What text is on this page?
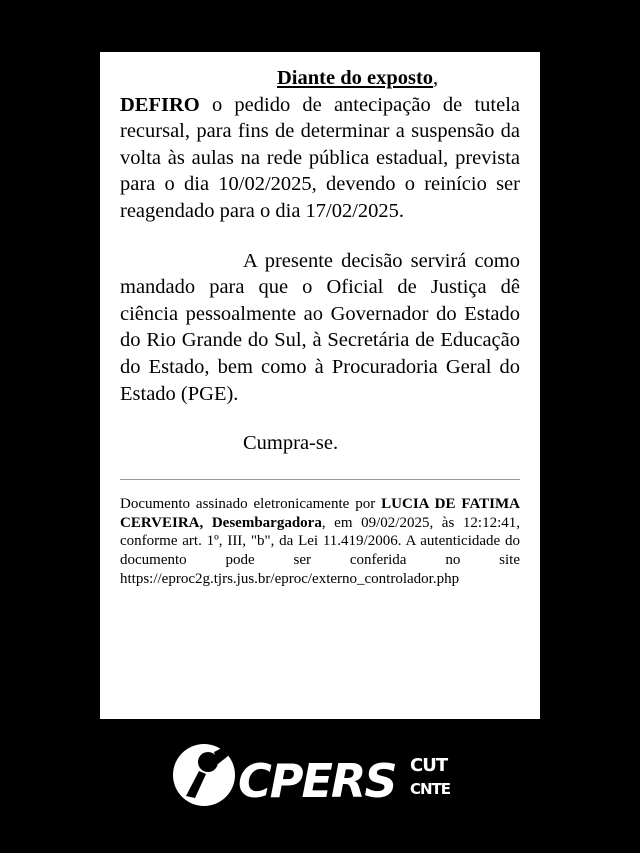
Diante do exposto,
DEFIRO o pedido de antecipação de tutela recursal, para fins de determinar a suspensão da volta às aulas na rede pública estadual, prevista para o dia 10/02/2025, devendo o reinício ser reagendado para o dia 17/02/2025.

A presente decisão servirá como mandado para que o Oficial de Justiça dê ciência pessoalmente ao Governador do Estado do Rio Grande do Sul, à Secretária de Educação do Estado, bem como à Procuradoria Geral do Estado (PGE).

Cumpra-se.
Documento assinado eletronicamente por LUCIA DE FATIMA CERVEIRA, Desembargadora, em 09/02/2025, às 12:12:41, conforme art. 1º, III, "b", da Lei 11.419/2006. A autenticidade do documento pode ser conferida no site https://eproc2g.tjrs.jus.br/eproc/externo_controlador.php
CPERS CUT
CNTE
